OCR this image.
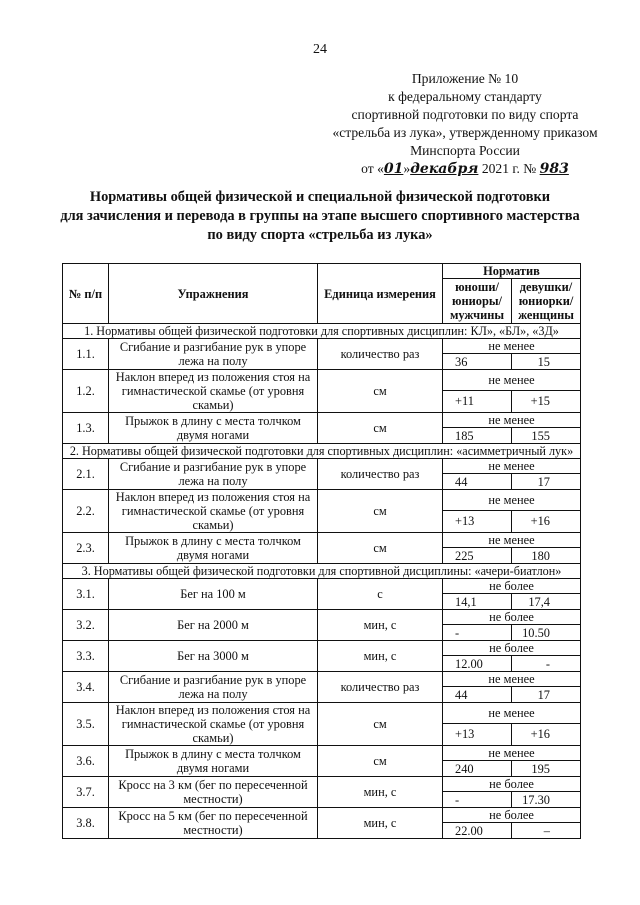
24
Приложение № 10
к федеральному стандарту
спортивной подготовки по виду спорта
«стрельба из лука», утвержденному приказом
Минспорта России
от «01»декабря 2021 г. № 983
Нормативы общей физической и специальной физической подготовки
для зачисления и перевода в группы на этапе высшего спортивного мастерства
по виду спорта «стрельба из лука»
№ п/п	Упражнения	Единица измерения	Норматив	
			юноши/ юниоры/ мужчины	девушки/ юниорки/ женщины
1. Нормативы общей физической подготовки для спортивных дисциплин: КЛ», «БЛ», «3Д»				
1.1.	Сгибание и разгибание рук в упоре лежа на полу	количество раз	не менее	
			36	15
1.2.	Наклон вперед из положения стоя на гимнастической скамье (от уровня скамьи)	см	не менее	
			+11	+15
1.3.	Прыжок в длину с места толчком двумя ногами	см	не менее	
			185	155
2. Нормативы общей физической подготовки для спортивных дисциплин: «асимметричный лук»				
2.1.	Сгибание и разгибание рук в упоре лежа на полу	количество раз	не менее	
			44	17
2.2.	Наклон вперед из положения стоя на гимнастической скамье (от уровня скамьи)	см	не менее	
			+13	+16
2.3.	Прыжок в длину с места толчком двумя ногами	см	не менее	
			225	180
3. Нормативы общей физической подготовки для спортивной дисциплины: «ачери-биатлон»				
3.1.	Бег на 100 м	с	не более	
			14,1	17,4
3.2.	Бег на 2000 м	мин, с	не более	
			-	10.50
3.3.	Бег на 3000 м	мин, с	не более	
			12.00	-
3.4.	Сгибание и разгибание рук в упоре лежа на полу	количество раз	не менее	
			44	17
3.5.	Наклон вперед из положения стоя на гимнастической скамье (от уровня скамьи)	см	не менее	
			+13	+16
3.6.	Прыжок в длину с места толчком двумя ногами	см	не менее	
			240	195
3.7.	Кросс на 3 км (бег по пересеченной местности)	мин, с	не более	
			-	17.30
3.8.	Кросс на 5 км (бег по пересеченной местности)	мин, с	не более	
			22.00	–
